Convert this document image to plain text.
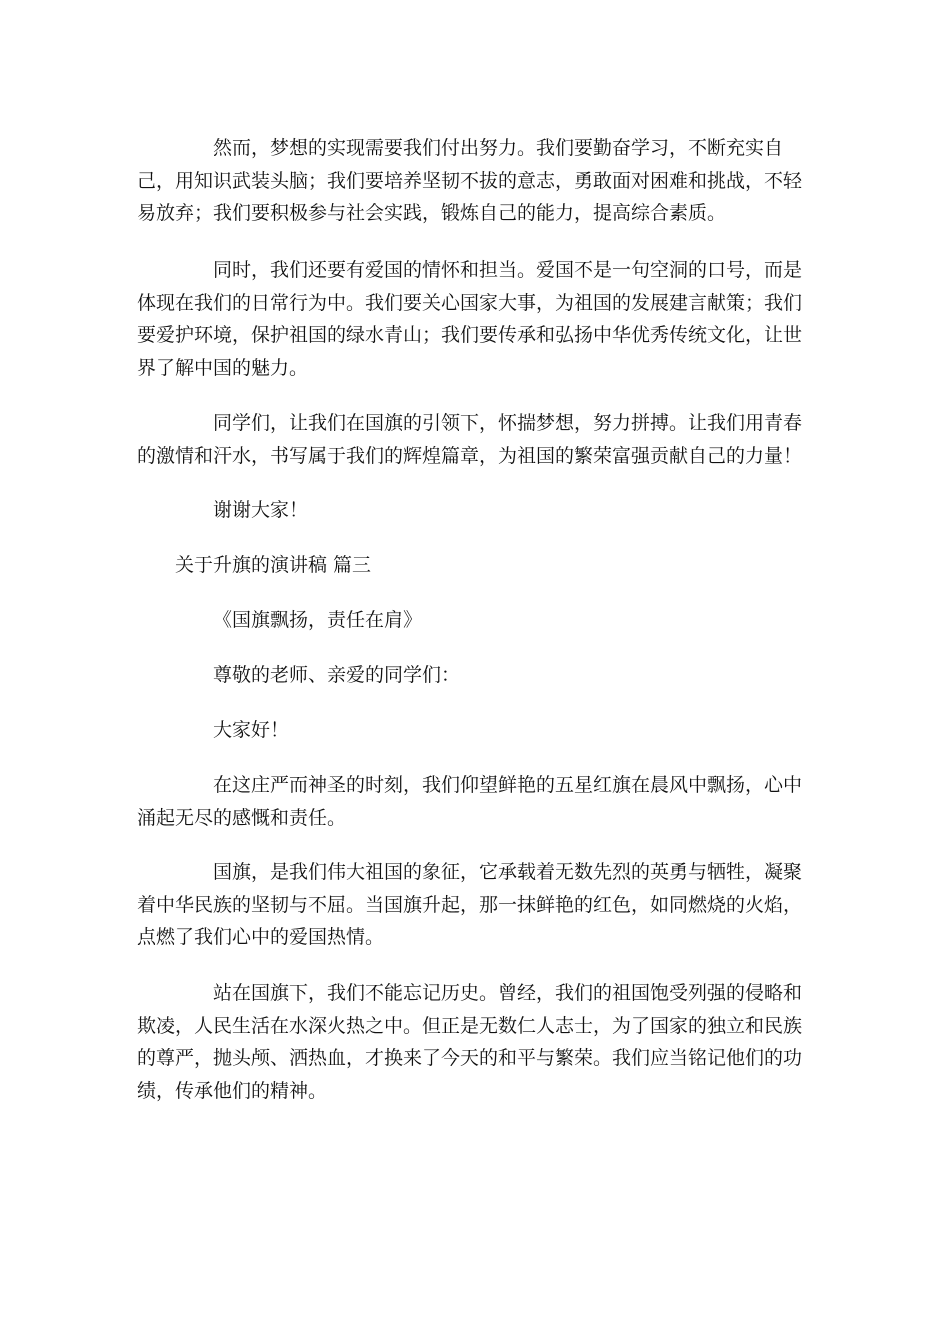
然而，梦想的实现需要我们付出努力。我们要勤奋学习，不断充实自己，用知识武装头脑；我们要培养坚韧不拔的意志，勇敢面对困难和挑战，不轻易放弃；我们要积极参与社会实践，锻炼自己的能力，提高综合素质。

同时，我们还要有爱国的情怀和担当。爱国不是一句空洞的口号，而是体现在我们的日常行为中。我们要关心国家大事，为祖国的发展建言献策；我们要爱护环境，保护祖国的绿水青山；我们要传承和弘扬中华优秀传统文化，让世界了解中国的魅力。

同学们，让我们在国旗的引领下，怀揣梦想，努力拼搏。让我们用青春的激情和汗水，书写属于我们的辉煌篇章，为祖国的繁荣富强贡献自己的力量！

谢谢大家！

关于升旗的演讲稿 篇三

《国旗飘扬，责任在肩》

尊敬的老师、亲爱的同学们：

大家好！

在这庄严而神圣的时刻，我们仰望鲜艳的五星红旗在晨风中飘扬，心中涌起无尽的感慨和责任。

国旗，是我们伟大祖国的象征，它承载着无数先烈的英勇与牺牲，凝聚着中华民族的坚韧与不屈。当国旗升起，那一抹鲜艳的红色，如同燃烧的火焰，点燃了我们心中的爱国热情。

站在国旗下，我们不能忘记历史。曾经，我们的祖国饱受列强的侵略和欺凌，人民生活在水深火热之中。但正是无数仁人志士，为了国家的独立和民族的尊严，抛头颅、洒热血，才换来了今天的和平与繁荣。我们应当铭记他们的功绩，传承他们的精神。
